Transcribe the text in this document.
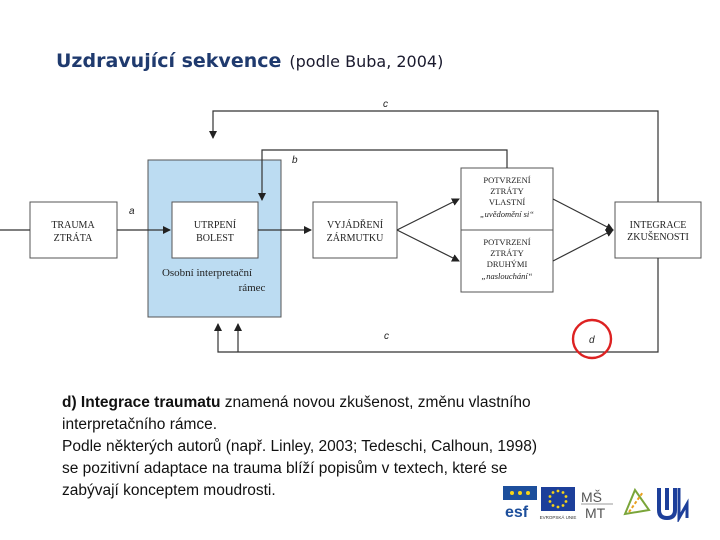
Uzdravující sekvence (podle Buba, 2004)
a
b
c
c	d
TRAUMA
ZTRÁTA
UTRPENÍ
BOLEST
Osobní interpretační
rámec
VYJÁDŘENÍ
ZÁRMUTKU
POTVRZENÍ
ZTRÁTY
VLASTNÍ
„uvědomění si“
POTVRZENÍ
ZTRÁTY
DRUHÝMI
„naslouchání“
INTEGRACE
ZKUŠENOSTI

d) Integrace traumatu znamená novou zkušenost, změnu vlastního

interpretačního rámce.

Podle některých autorů (např. Linley, 2003; Tedeschi, Calhoun, 1998)

se pozitivní adaptace na trauma blíží popisům v textech, které se

zabývají konceptem moudrosti.

esf	EVROPSKÁ UNIE
MŠ
MT
